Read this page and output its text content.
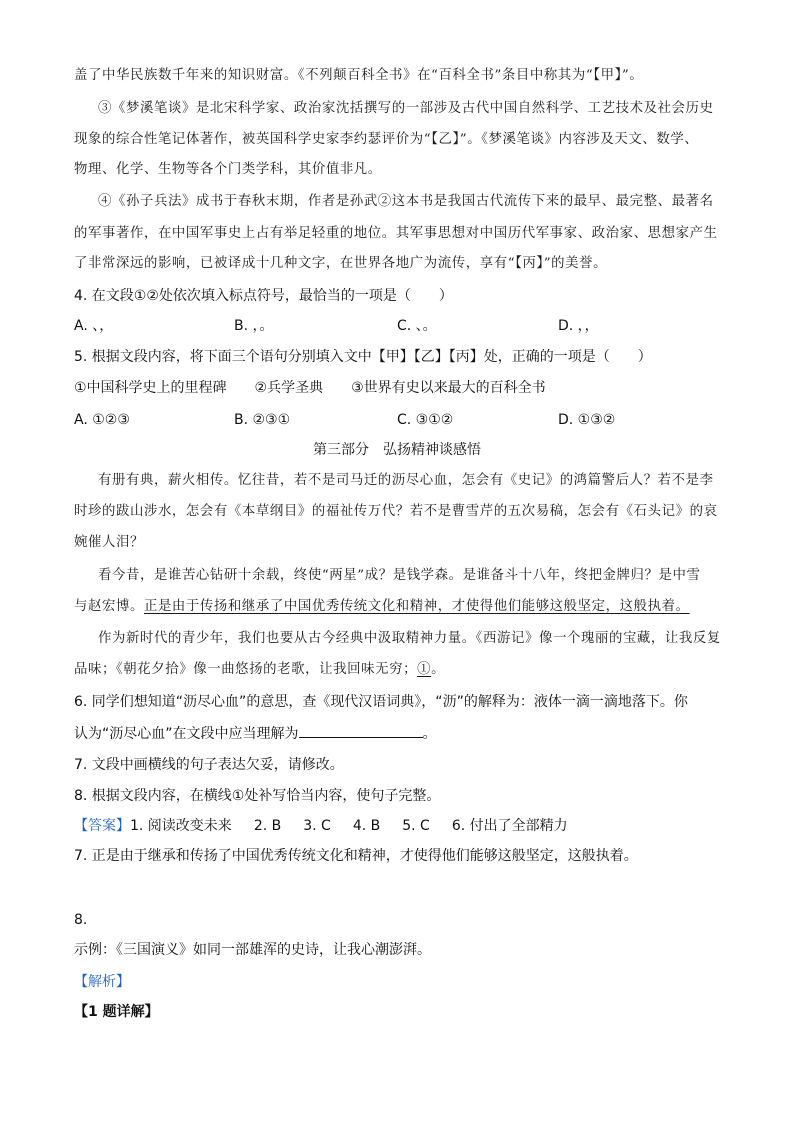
盖了中华民族数千年来的知识财富。《不列颠百科全书》在“百科全书”条目中称其为“【甲】”。
③《梦溪笔谈》是北宋科学家、政治家沈括撰写的一部涉及古代中国自然科学、工艺技术及社会历史
现象的综合性笔记体著作，被英国科学史家李约瑟评价为“【乙】”。《梦溪笔谈》内容涉及天文、数学、
物理、化学、生物等各个门类学科，其价值非凡。
④《孙子兵法》成书于春秋末期，作者是孙武②这本书是我国古代流传下来的最早、最完整、最著名
的军事著作，在中国军事史上占有举足轻重的地位。其军事思想对中国历代军事家、政治家、思想家产生
了非常深远的影响，已被译成十几种文字，在世界各地广为流传，享有“【丙】”的美誉。
4. 在文段①②处依次填入标点符号，最恰当的一项是（　　）
A. 、，	B. ，。	C. 、。	D. ，，
5. 根据文段内容，将下面三个语句分别填入文中【甲】【乙】【丙】处，正确的一项是（　　）
①中国科学史上的里程碑　　②兵学圣典　　③世界有史以来最大的百科全书
A. ①②③	B. ②③①	C. ③①②	D. ①③②
第三部分　弘扬精神谈感悟
有册有典，薪火相传。忆往昔，若不是司马迁的沥尽心血，怎会有《史记》的鸿篇警后人？若不是李
时珍的跋山涉水，怎会有《本草纲目》的福祉传万代？若不是曹雪芹的五次易稿，怎会有《石头记》的哀
婉催人泪？
看今昔，是谁苦心钻研十余载，终使“两星”成？是钱学森。是谁备斗十八年，终把金牌归？是中雪
与赵宏博。正是由于传扬和继承了中国优秀传统文化和精神，才使得他们能够这般坚定，这般执着。
作为新时代的青少年，我们也要从古今经典中汲取精神力量。《西游记》像一个瑰丽的宝藏，让我反复
品味；《朝花夕拾》像一曲悠扬的老歌，让我回味无穷；①。
6. 同学们想知道“沥尽心血”的意思，查《现代汉语词典》，“沥”的解释为：液体一滴一滴地落下。你
认为“沥尽心血”在文段中应当理解为	。
7. 文段中画横线的句子表达欠妥，请修改。
8. 根据文段内容，在横线①处补写恰当内容，使句子完整。
【答案】1. 阅读改变未来 2. B 3. C 4. B 5. C 6. 付出了全部精力
7. 正是由于继承和传扬了中国优秀传统文化和精神，才使得他们能够这般坚定，这般执着。
8.
示例：《三国演义》如同一部雄浑的史诗，让我心潮澎湃。
【解析】
【1 题详解】
